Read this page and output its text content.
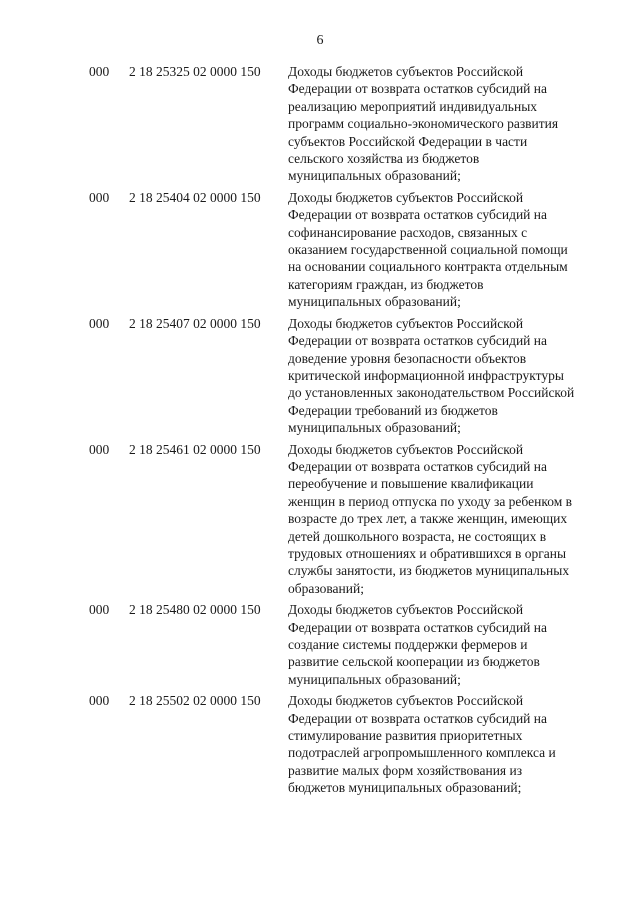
6
000 2 18 25325 02 0000 150 Доходы бюджетов субъектов Российской
Федерации от возврата остатков субсидий на
реализацию мероприятий индивидуальных
программ социально-экономического развития
субъектов Российской Федерации в части
сельского хозяйства из бюджетов
муниципальных образований;
000 2 18 25404 02 0000 150 Доходы бюджетов субъектов Российской
Федерации от возврата остатков субсидий на
софинансирование расходов, связанных с
оказанием государственной социальной помощи
на основании социального контракта отдельным
категориям граждан, из бюджетов
муниципальных образований;
000 2 18 25407 02 0000 150 Доходы бюджетов субъектов Российской
Федерации от возврата остатков субсидий на
доведение уровня безопасности объектов
критической информационной инфраструктуры
до установленных законодательством Российской
Федерации требований из бюджетов
муниципальных образований;
000 2 18 25461 02 0000 150 Доходы бюджетов субъектов Российской
Федерации от возврата остатков субсидий на
переобучение и повышение квалификации
женщин в период отпуска по уходу за ребенком в
возрасте до трех лет, а также женщин, имеющих
детей дошкольного возраста, не состоящих в
трудовых отношениях и обратившихся в органы
службы занятости, из бюджетов муниципальных
образований;
000 2 18 25480 02 0000 150 Доходы бюджетов субъектов Российской
Федерации от возврата остатков субсидий на
создание системы поддержки фермеров и
развитие сельской кооперации из бюджетов
муниципальных образований;
000 2 18 25502 02 0000 150 Доходы бюджетов субъектов Российской
Федерации от возврата остатков субсидий на
стимулирование развития приоритетных
подотраслей агропромышленного комплекса и
развитие малых форм хозяйствования из
бюджетов муниципальных образований;
